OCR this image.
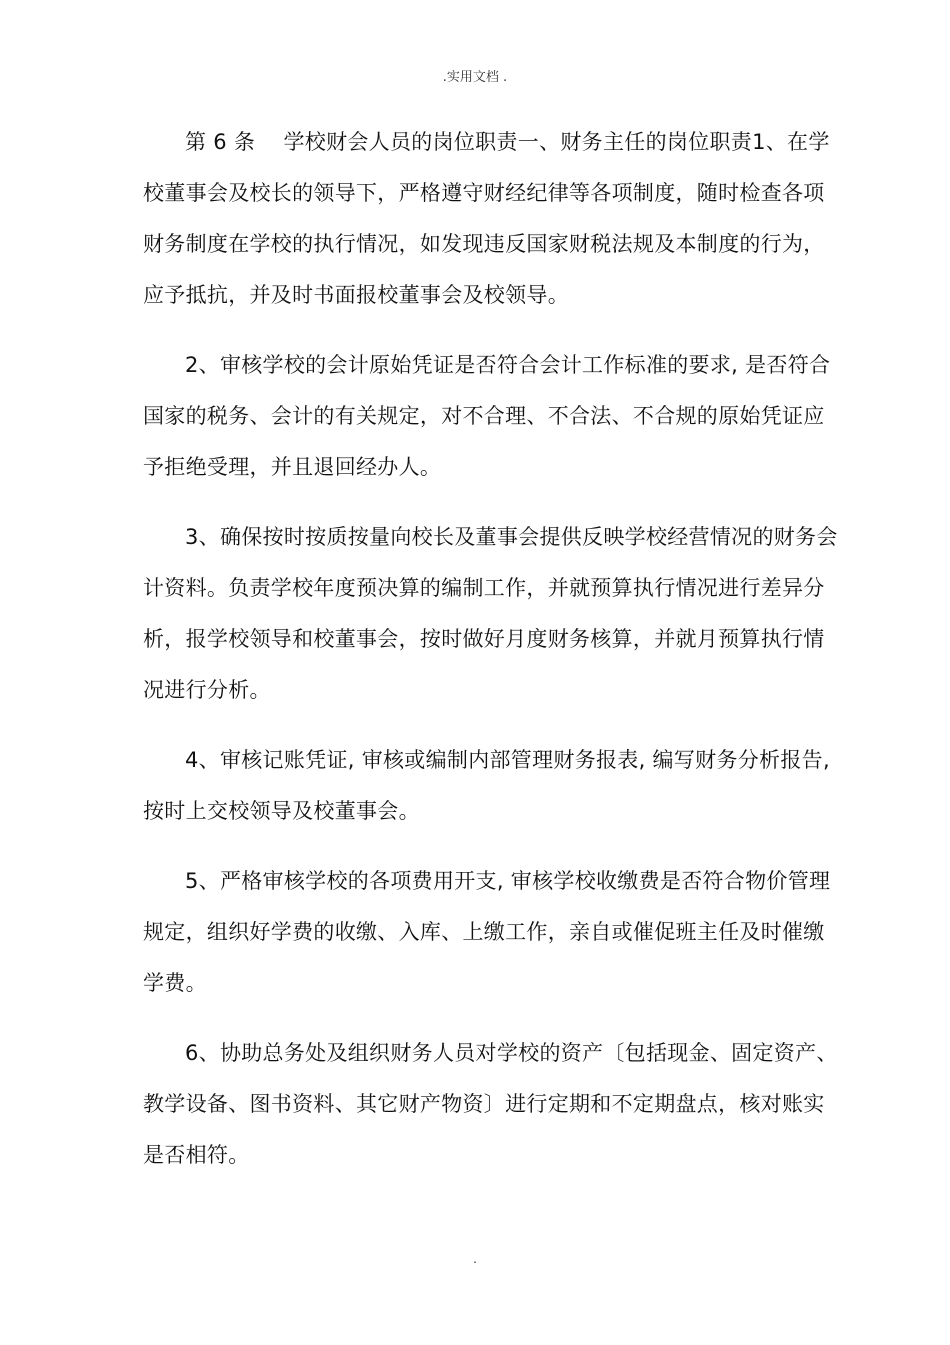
.实用文档 .

第 6 条　 学校财会人员的岗位职责一、财务主任的岗位职责1、在学
校董事会及校长的领导下，严格遵守财经纪律等各项制度，随时检查各项
财务制度在学校的执行情况，如发现违反国家财税法规及本制度的行为，
应予抵抗，并及时书面报校董事会及校领导。

2、审核学校的会计原始凭证是否符合会计工作标准的要求, 是否符合
国家的税务、会计的有关规定，对不合理、不合法、不合规的原始凭证应
予拒绝受理，并且退回经办人。

3、确保按时按质按量向校长及董事会提供反映学校经营情况的财务会
计资料。负责学校年度预决算的编制工作，并就预算执行情况进行差异分
析，报学校领导和校董事会，按时做好月度财务核算，并就月预算执行情
况进行分析。

4、审核记账凭证, 审核或编制内部管理财务报表, 编写财务分析报告,
按时上交校领导及校董事会。

5、严格审核学校的各项费用开支, 审核学校收缴费是否符合物价管理
规定，组织好学费的收缴、入库、上缴工作，亲自或催促班主任及时催缴
学费。

6、协助总务处及组织财务人员对学校的资产〔包括现金、固定资产、
教学设备、图书资料、其它财产物资〕进行定期和不定期盘点，核对账实
是否相符。

.
